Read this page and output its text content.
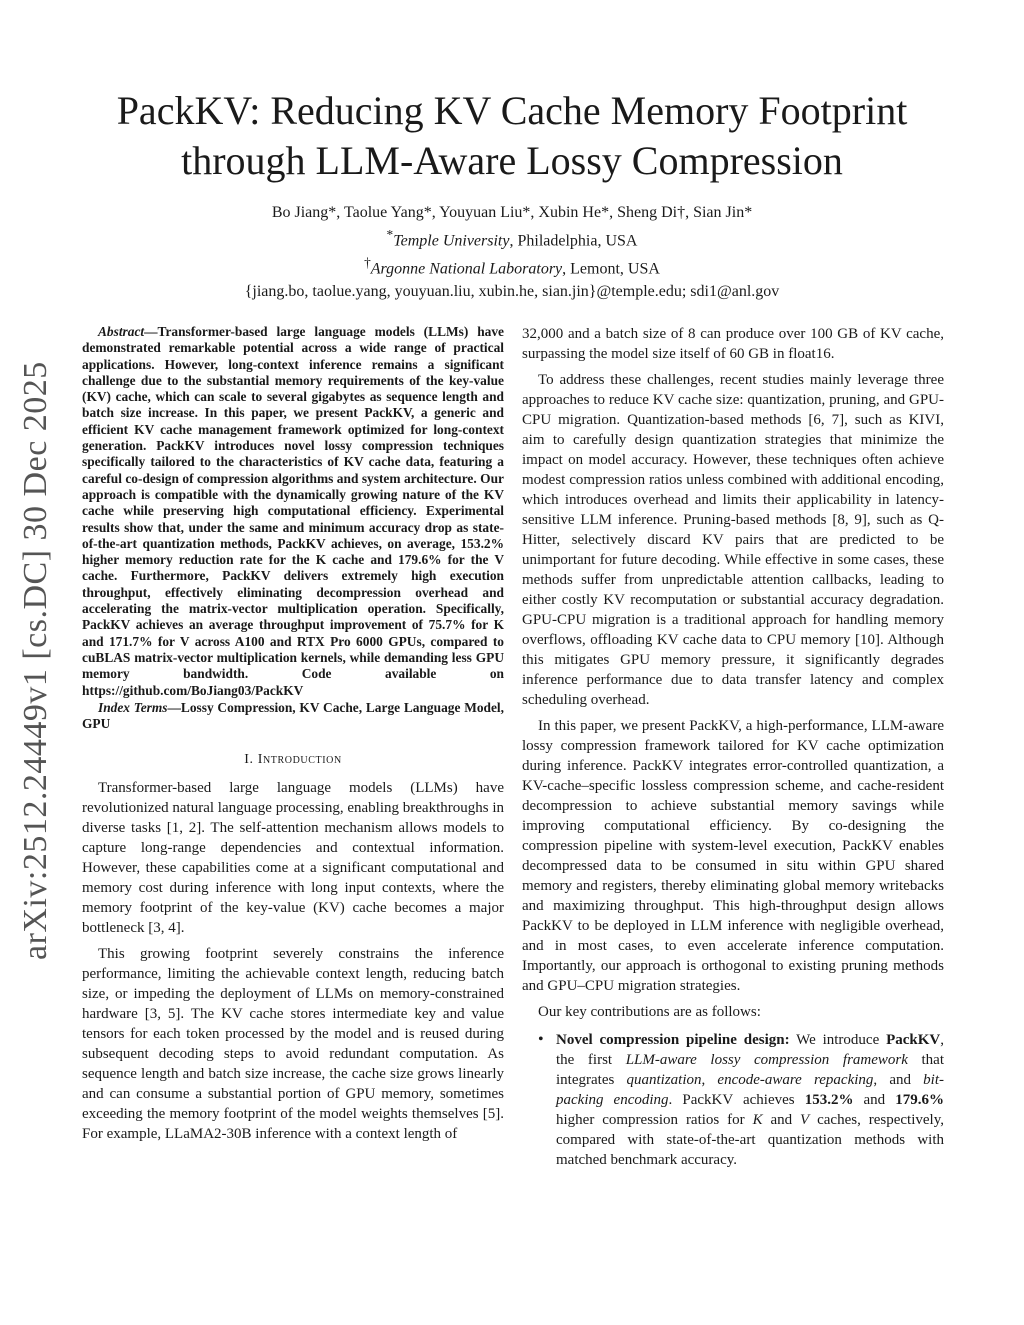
arXiv:2512.24449v1 [cs.DC] 30 Dec 2025
PackKV: Reducing KV Cache Memory Footprint
through LLM-Aware Lossy Compression
Bo Jiang*, Taolue Yang*, Youyuan Liu*, Xubin He*, Sheng Di†, Sian Jin*
*Temple University, Philadelphia, USA
†Argonne National Laboratory, Lemont, USA
{jiang.bo, taolue.yang, youyuan.liu, xubin.he, sian.jin}@temple.edu; sdi1@anl.gov
Abstract—Transformer-based large language models (LLMs) have demonstrated remarkable potential across a wide range of practical applications. However, long-context inference remains a significant challenge due to the substantial memory requirements of the key-value (KV) cache, which can scale to several gigabytes as sequence length and batch size increase. In this paper, we present PackKV, a generic and efficient KV cache management framework optimized for long-context generation. PackKV introduces novel lossy compression techniques specifically tailored to the characteristics of KV cache data, featuring a careful co-design of compression algorithms and system architecture. Our approach is compatible with the dynamically growing nature of the KV cache while preserving high computational efficiency. Experimental results show that, under the same and minimum accuracy drop as state-of-the-art quantization methods, PackKV achieves, on average, 153.2% higher memory reduction rate for the K cache and 179.6% for the V cache. Furthermore, PackKV delivers extremely high execution throughput, effectively eliminating decompression overhead and accelerating the matrix-vector multiplication operation. Specifically, PackKV achieves an average throughput improvement of 75.7% for K and 171.7% for V across A100 and RTX Pro 6000 GPUs, compared to cuBLAS matrix-vector multiplication kernels, while demanding less GPU memory bandwidth. Code available on https://github.com/BoJiang03/PackKV
Index Terms—Lossy Compression, KV Cache, Large Language Model, GPU
I. Introduction

Transformer-based large language models (LLMs) have revolutionized natural language processing, enabling breakthroughs in diverse tasks [1, 2]. The self-attention mechanism allows models to capture long-range dependencies and contextual information. However, these capabilities come at a significant computational and memory cost during inference with long input contexts, where the memory footprint of the key-value (KV) cache becomes a major bottleneck [3, 4].

This growing footprint severely constrains the inference performance, limiting the achievable context length, reducing batch size, or impeding the deployment of LLMs on memory-constrained hardware [3, 5]. The KV cache stores intermediate key and value tensors for each token processed by the model and is reused during subsequent decoding steps to avoid redundant computation. As sequence length and batch size increase, the cache size grows linearly and can consume a substantial portion of GPU memory, sometimes exceeding the memory footprint of the model weights themselves [5]. For example, LLaMA2-30B inference with a context length of

32,000 and a batch size of 8 can produce over 100 GB of KV cache, surpassing the model size itself of 60 GB in float16.

To address these challenges, recent studies mainly leverage three approaches to reduce KV cache size: quantization, pruning, and GPU-CPU migration. Quantization-based methods [6, 7], such as KIVI, aim to carefully design quantization strategies that minimize the impact on model accuracy. However, these techniques often achieve modest compression ratios unless combined with additional encoding, which introduces overhead and limits their applicability in latency-sensitive LLM inference. Pruning-based methods [8, 9], such as Q-Hitter, selectively discard KV pairs that are predicted to be unimportant for future decoding. While effective in some cases, these methods suffer from unpredictable attention callbacks, leading to either costly KV recomputation or substantial accuracy degradation. GPU-CPU migration is a traditional approach for handling memory overflows, offloading KV cache data to CPU memory [10]. Although this mitigates GPU memory pressure, it significantly degrades inference performance due to data transfer latency and complex scheduling overhead.

In this paper, we present PackKV, a high-performance, LLM-aware lossy compression framework tailored for KV cache optimization during inference. PackKV integrates error-controlled quantization, a KV-cache–specific lossless compression scheme, and cache-resident decompression to achieve substantial memory savings while improving computational efficiency. By co-designing the compression pipeline with system-level execution, PackKV enables decompressed data to be consumed in situ within GPU shared memory and registers, thereby eliminating global memory writebacks and maximizing throughput. This high-throughput design allows PackKV to be deployed in LLM inference with negligible overhead, and in most cases, to even accelerate inference computation. Importantly, our approach is orthogonal to existing pruning methods and GPU–CPU migration strategies.

Our key contributions are as follows:

• Novel compression pipeline design: We introduce PackKV, the first LLM-aware lossy compression framework that integrates quantization, encode-aware repacking, and bit-packing encoding. PackKV achieves 153.2% and 179.6% higher compression ratios for K and V caches, respectively, compared with state-of-the-art quantization methods with matched benchmark accuracy.
